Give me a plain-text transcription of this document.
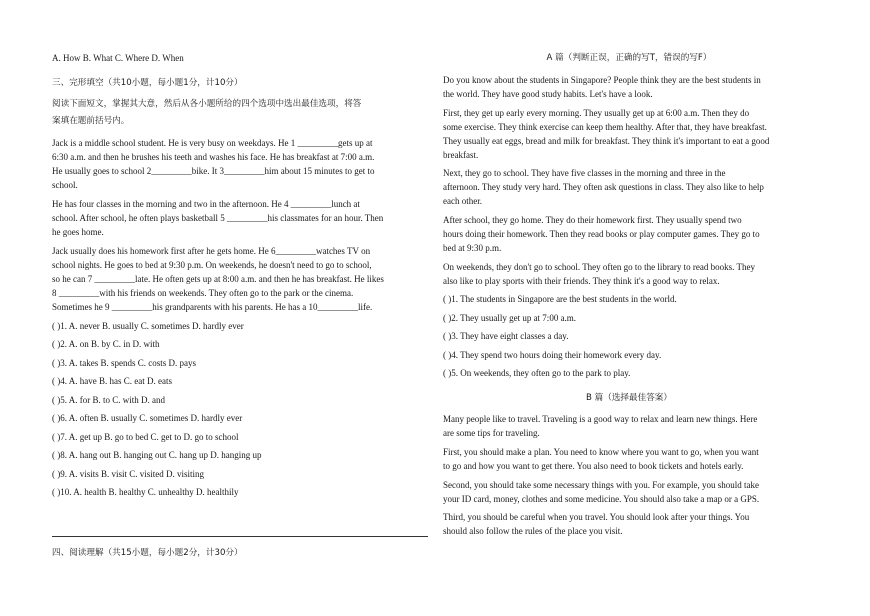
A. How B. What C. Where D. When
三、完形填空（共10小题，每小题1分，计10分）
阅读下面短文，掌握其大意，然后从各小题所给的四个选项中选出最佳选项，将答
案填在题前括号内。
Jack is a middle school student. He is very busy on weekdays. He 1 _________gets up at
6:30 a.m. and then he brushes his teeth and washes his face. He has breakfast at 7:00 a.m.
He usually goes to school 2_________bike. It 3_________him about 15 minutes to get to
school.
He has four classes in the morning and two in the afternoon. He 4 _________lunch at
school. After school, he often plays basketball 5 _________his classmates for an hour. Then
he goes home.
Jack usually does his homework first after he gets home. He 6_________watches TV on
school nights. He goes to bed at 9:30 p.m. On weekends, he doesn't need to go to school,
so he can 7 _________late. He often gets up at 8:00 a.m. and then he has breakfast. He likes
8 _________with his friends on weekends. They often go to the park or the cinema.
Sometimes he 9 _________his grandparents with his parents. He has a 10_________life.
( )1. A. never B. usually C. sometimes D. hardly ever
( )2. A. on B. by C. in D. with
( )3. A. takes B. spends C. costs D. pays
( )4. A. have B. has C. eat D. eats
( )5. A. for B. to C. with D. and
( )6. A. often B. usually C. sometimes D. hardly ever
( )7. A. get up B. go to bed C. get to D. go to school
( )8. A. hang out B. hanging out C. hang up D. hanging up
( )9. A. visits B. visit C. visited D. visiting
( )10. A. health B. healthy C. unhealthy D. healthily
四、阅读理解（共15小题，每小题2分，计30分）
A 篇（判断正误，正确的写T，错误的写F）
Do you know about the students in Singapore? People think they are the best students in
the world. They have good study habits. Let's have a look.
First, they get up early every morning. They usually get up at 6:00 a.m. Then they do
some exercise. They think exercise can keep them healthy. After that, they have breakfast.
They usually eat eggs, bread and milk for breakfast. They think it's important to eat a good
breakfast.
Next, they go to school. They have five classes in the morning and three in the
afternoon. They study very hard. They often ask questions in class. They also like to help
each other.
After school, they go home. They do their homework first. They usually spend two
hours doing their homework. Then they read books or play computer games. They go to
bed at 9:30 p.m.
On weekends, they don't go to school. They often go to the library to read books. They
also like to play sports with their friends. They think it's a good way to relax.
( )1. The students in Singapore are the best students in the world.
( )2. They usually get up at 7:00 a.m.
( )3. They have eight classes a day.
( )4. They spend two hours doing their homework every day.
( )5. On weekends, they often go to the park to play.
B 篇（选择最佳答案）
Many people like to travel. Traveling is a good way to relax and learn new things. Here
are some tips for traveling.
First, you should make a plan. You need to know where you want to go, when you want
to go and how you want to get there. You also need to book tickets and hotels early.
Second, you should take some necessary things with you. For example, you should take
your ID card, money, clothes and some medicine. You should also take a map or a GPS.
Third, you should be careful when you travel. You should look after your things. You
should also follow the rules of the place you visit.
